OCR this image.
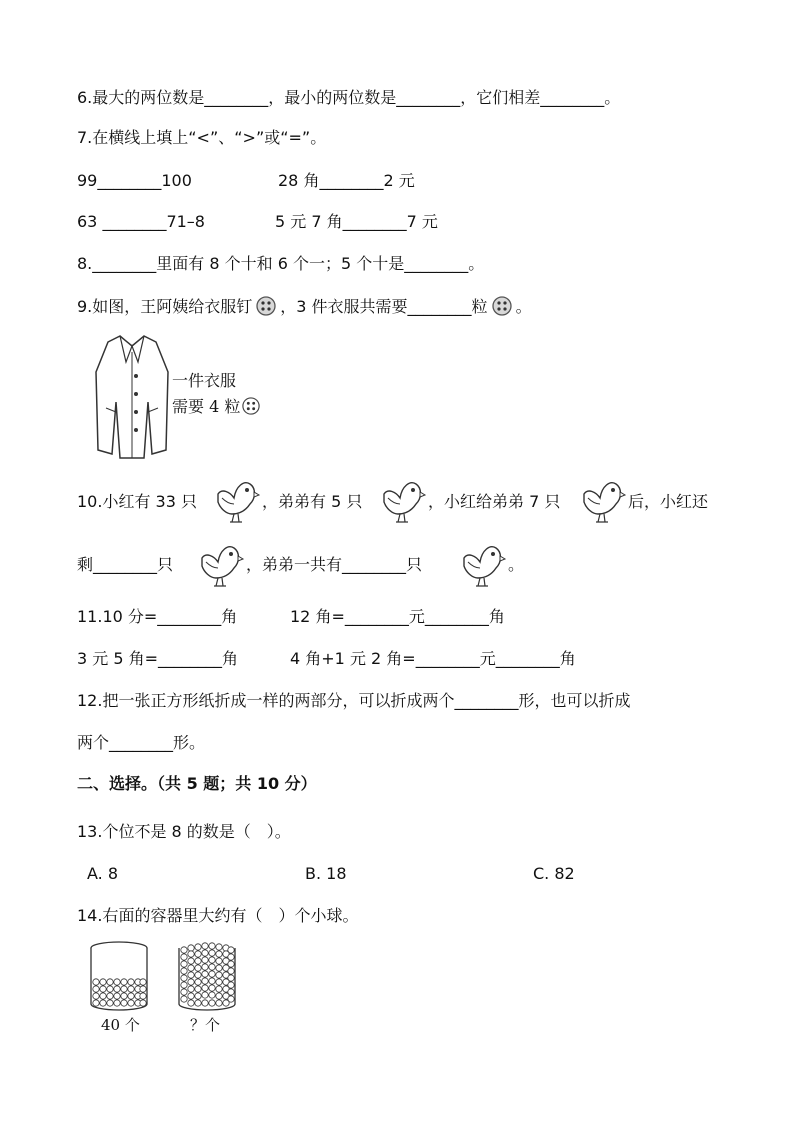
6.最大的两位数是________，最小的两位数是________，它们相差________。
7.在横线上填上“<”、“>”或“=”。
99________100	28 角________2 元
63 ________71–8	5 元 7 角________7 元
8.________里面有 8 个十和 6 个一；5 个十是________。
9.如图，王阿姨给衣服钉 ，3 件衣服共需要________粒 。
一件衣服
需要 4 粒
10.小红有 33 只	，弟弟有 5 只	，小红给弟弟 7 只	后，小红还
剩________只	，弟弟一共有________只	。
11.10 分=________角	12 角=________元________角
3 元 5 角=________角	4 角+1 元 2 角=________元________角
12.把一张正方形纸折成一样的两部分，可以折成两个________形，也可以折成
两个________形。
二、选择。（共 5 题；共 10 分）
13.个位不是 8 的数是（　）。
A. 8	B. 18	C. 82
14.右面的容器里大约有（　）个小球。
40 个	？个
